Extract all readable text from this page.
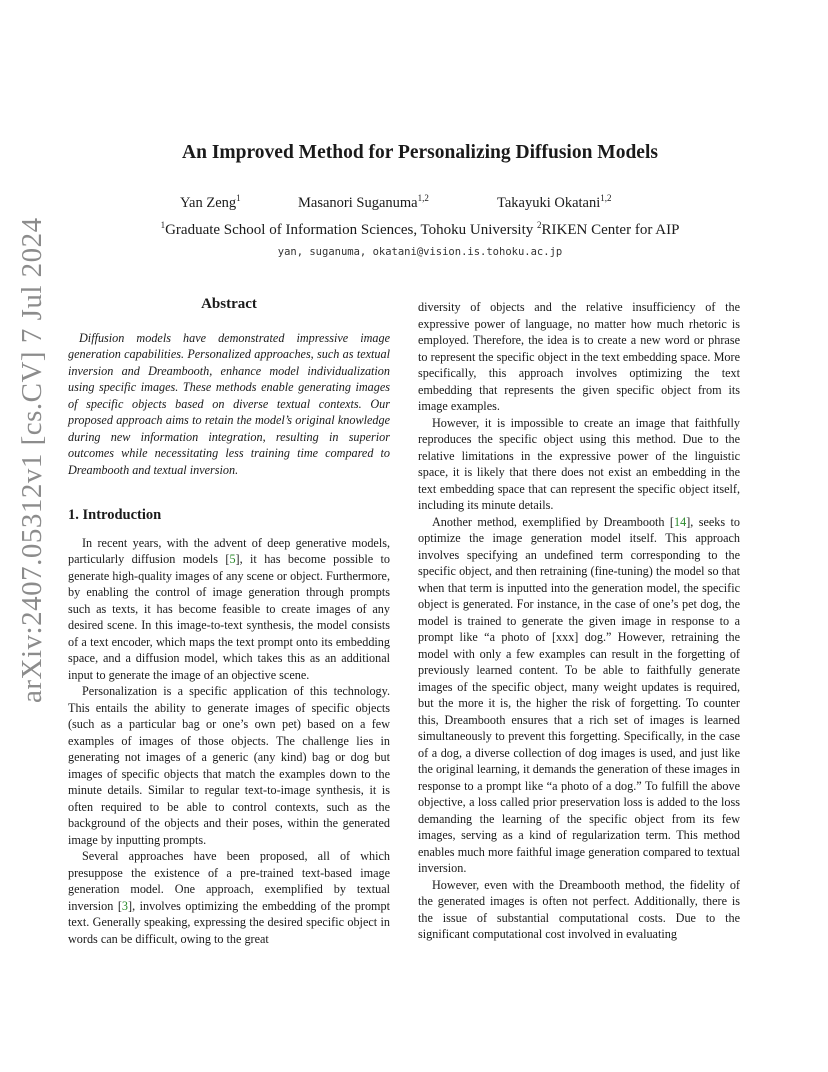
arXiv:2407.05312v1 [cs.CV] 7 Jul 2024
An Improved Method for Personalizing Diffusion Models
Yan Zeng$^1$	Masanori Suganuma$^{1,2}$	Takayuki Okatani$^{1,2}$
$^1$Graduate School of Information Sciences, Tohoku University $^2$RIKEN Center for AIP
yan, suganuma, okatani@vision.is.tohoku.ac.jp
Abstract

Diffusion models have demonstrated impressive image generation capabilities. Personalized approaches, such as textual inversion and Dreambooth, enhance model individualization using specific images. These methods enable generating images of specific objects based on diverse textual contexts. Our proposed approach aims to retain the model’s original knowledge during new information integration, resulting in superior outcomes while necessitating less training time compared to Dreambooth and textual inversion.

1. Introduction

In recent years, with the advent of deep generative models, particularly diffusion models [5], it has become possible to generate high-quality images of any scene or object. Furthermore, by enabling the control of image generation through prompts such as texts, it has become feasible to create images of any desired scene. In this image-to-text synthesis, the model consists of a text encoder, which maps the text prompt onto its embedding space, and a diffusion model, which takes this as an additional input to generate the image of an objective scene.

Personalization is a specific application of this technology. This entails the ability to generate images of specific objects (such as a particular bag or one’s own pet) based on a few examples of images of those objects. The challenge lies in generating not images of a generic (any kind) bag or dog but images of specific objects that match the examples down to the minute details. Similar to regular text-to-image synthesis, it is often required to be able to control contexts, such as the background of the objects and their poses, within the generated image by inputting prompts.

Several approaches have been proposed, all of which presuppose the existence of a pre-trained text-based image generation model. One approach, exemplified by textual inversion [3], involves optimizing the embedding of the prompt text. Generally speaking, expressing the desired specific object in words can be difficult, owing to the great

diversity of objects and the relative insufficiency of the expressive power of language, no matter how much rhetoric is employed. Therefore, the idea is to create a new word or phrase to represent the specific object in the text embedding space. More specifically, this approach involves optimizing the text embedding that represents the given specific object from its image examples.

However, it is impossible to create an image that faithfully reproduces the specific object using this method. Due to the relative limitations in the expressive power of the linguistic space, it is likely that there does not exist an embedding in the text embedding space that can represent the specific object itself, including its minute details.

Another method, exemplified by Dreambooth [14], seeks to optimize the image generation model itself. This approach involves specifying an undefined term corresponding to the specific object, and then retraining (fine-tuning) the model so that when that term is inputted into the generation model, the specific object is generated. For instance, in the case of one’s pet dog, the model is trained to generate the given image in response to a prompt like “a photo of [xxx] dog.” However, retraining the model with only a few examples can result in the forgetting of previously learned content. To be able to faithfully generate images of the specific object, many weight updates is required, but the more it is, the higher the risk of forgetting. To counter this, Dreambooth ensures that a rich set of images is learned simultaneously to prevent this forgetting. Specifically, in the case of a dog, a diverse collection of dog images is used, and just like the original learning, it demands the generation of these images in response to a prompt like “a photo of a dog.” To fulfill the above objective, a loss called prior preservation loss is added to the loss demanding the learning of the specific object from its few images, serving as a kind of regularization term. This method enables much more faithful image generation compared to textual inversion.

However, even with the Dreambooth method, the fidelity of the generated images is often not perfect. Additionally, there is the issue of substantial computational costs. Due to the significant computational cost involved in evaluating
